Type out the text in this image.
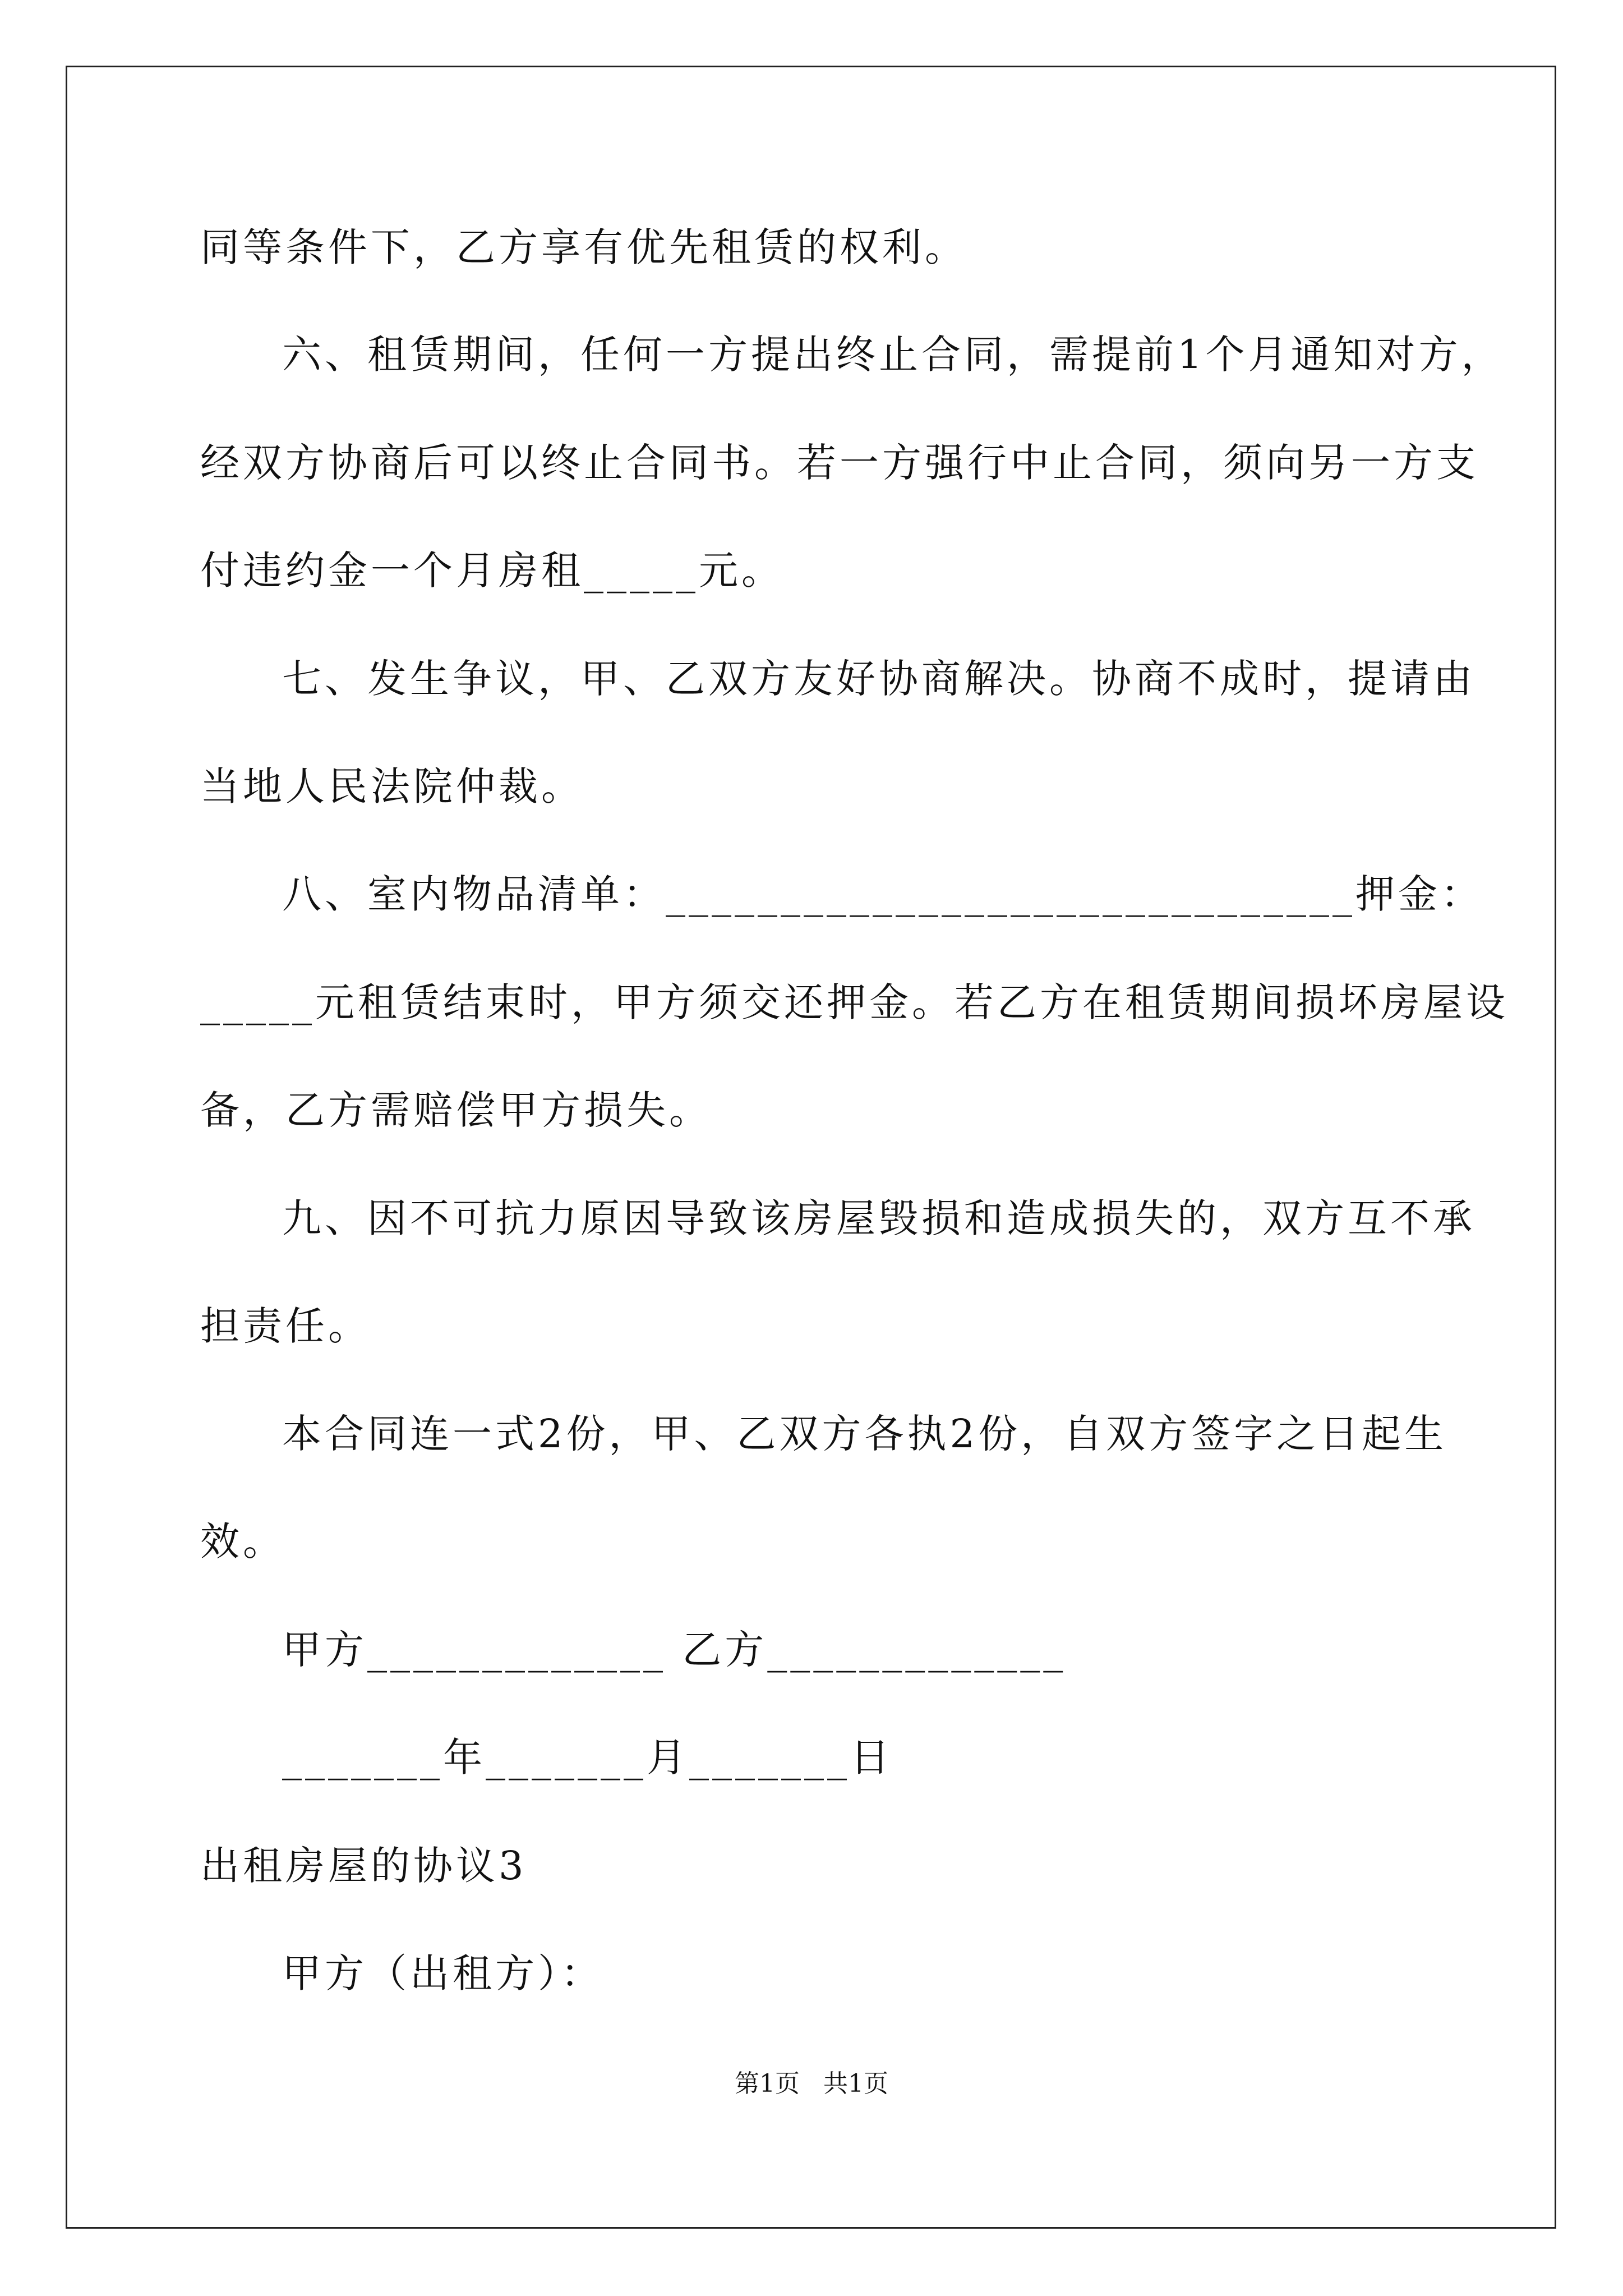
同等条件下，乙方享有优先租赁的权利。
六、租赁期间，任何一方提出终止合同，需提前1个月通知对方，
经双方协商后可以终止合同书。若一方强行中止合同，须向另一方支
付违约金一个月房租_____元。
七、发生争议，甲、乙双方友好协商解决。协商不成时，提请由
当地人民法院仲裁。
八、室内物品清单：______________________________押金：
_____元租赁结束时，甲方须交还押金。若乙方在租赁期间损坏房屋设
备，乙方需赔偿甲方损失。
九、因不可抗力原因导致该房屋毁损和造成损失的，双方互不承
担责任。
本合同连一式2份，甲、乙双方各执2份，自双方签字之日起生
效。
甲方_____________ 乙方_____________
_______年_______月_______日
出租房屋的协议3
甲方（出租方）：
第1页   共1页
